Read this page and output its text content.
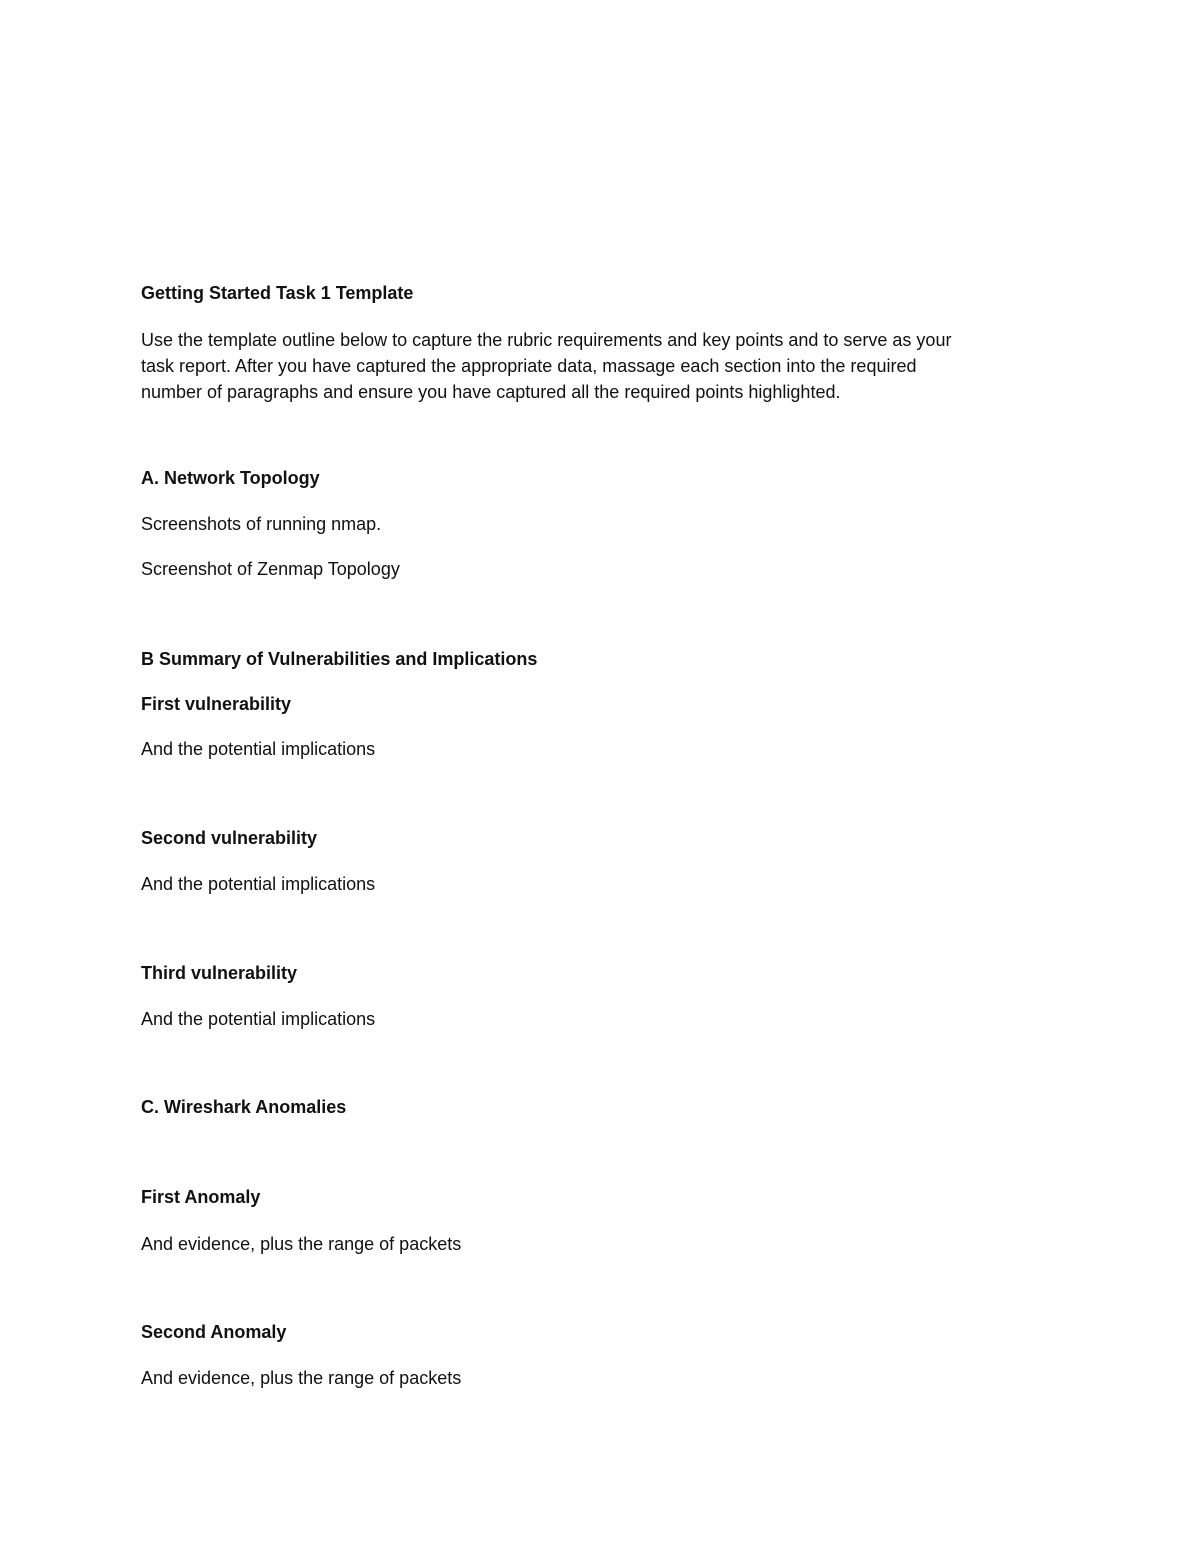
Getting Started Task 1 Template

Use the template outline below to capture the rubric requirements and key points and to serve as your
task report. After you have captured the appropriate data, massage each section into the required
number of paragraphs and ensure you have captured all the required points highlighted.

A. Network Topology

Screenshots of running nmap.

Screenshot of Zenmap Topology

B Summary of Vulnerabilities and Implications
First vulnerability

And the potential implications

Second vulnerability

And the potential implications

Third vulnerability

And the potential implications

C. Wireshark Anomalies
First Anomaly

And evidence, plus the range of packets

Second Anomaly

And evidence, plus the range of packets
